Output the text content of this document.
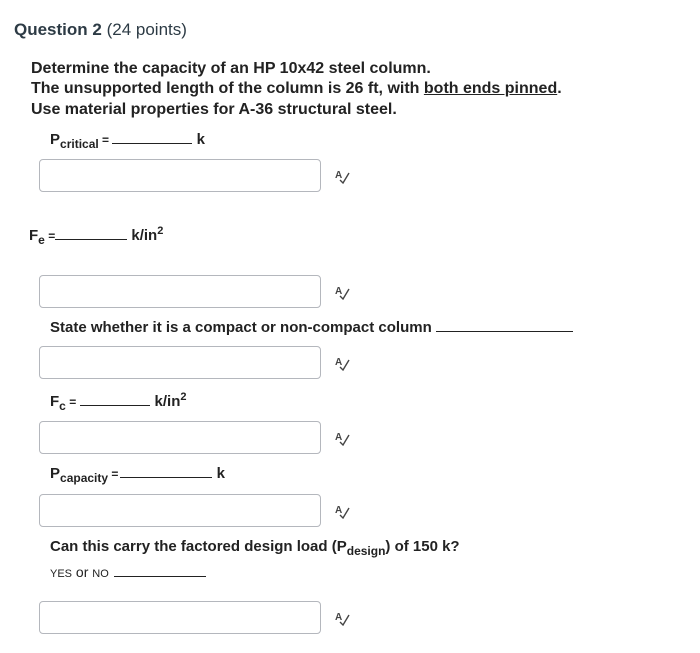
Question 2 (24 points)
Determine the capacity of an HP 10x42 steel column.
The unsupported length of the column is 26 ft, with both ends pinned.
Use material properties for A-36 structural steel.
$P_{critical}$ =	k
A
$F_e$ =	$k/in^2$
A
State whether it is a compact or non-compact column
A
$F_c$ =	$k/in^2$
A
$P_{capacity}$ =	k
A
Can this carry the factored design load $(P_{design})$ of 150 k?
YES or NO
A
